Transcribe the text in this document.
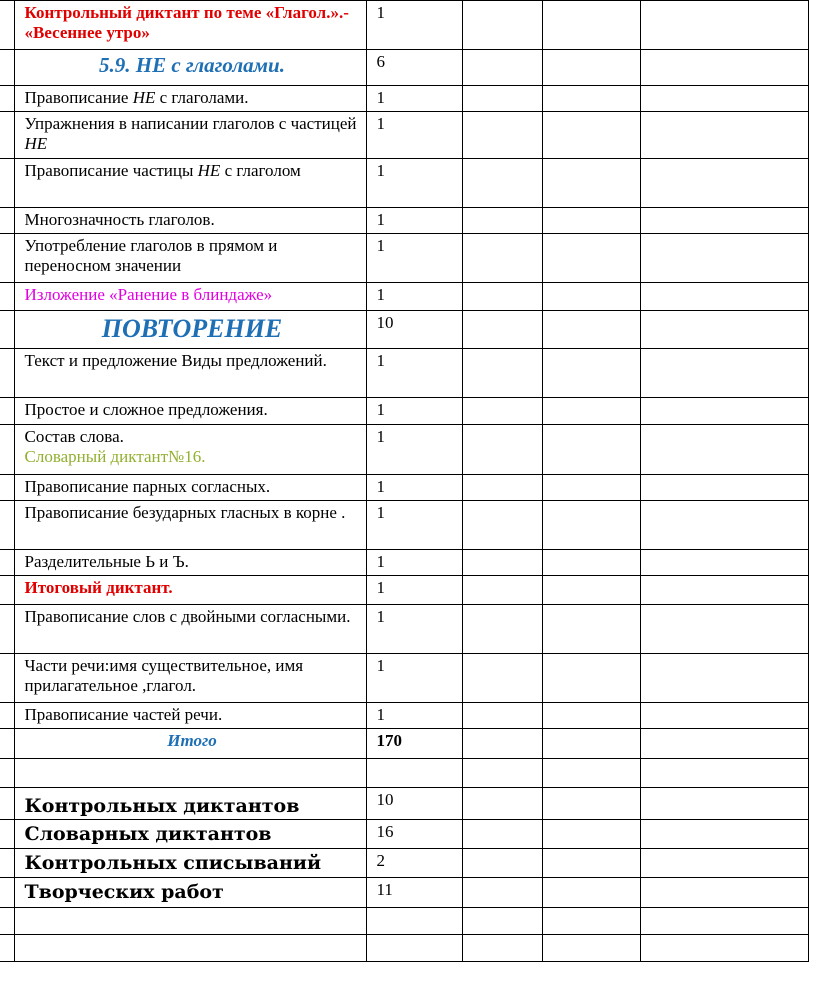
	Контрольный диктант по теме «Глагол.».- «Весеннее утро»	1			

	5.9. НЕ с глаголами.	6			
	Правописание НЕ с глаголами.	1			
	Упражнения в написании глаголов с частицей НЕ	1			
	Правописание частицы НЕ с глаголом	1			
	Многозначность глаголов.	1			
	Употребление глаголов в прямом и переносном значении	1			
	Изложение «Ранение в блиндаже»	1			

	ПОВТОРЕНИЕ	10			
	Текст и предложение Виды предложений.	1			
	Простое и сложное предложения.	1			
	Состав слова.
Словарный диктант№16.	1			
	Правописание парных согласных.	1			
	Правописание безударных гласных в корне .	1			
	Разделительные Ь и Ъ.	1			
	Итоговый диктант.	1			
	Правописание слов с двойными согласными.	1			
	Части речи:имя существительное, имя прилагательное ,глагол.	1			
	Правописание частей речи.	1			

	Итого	170			

	Контрольных диктантов	10			
	Словарных диктантов	16			
	Контрольных списываний	2			
	Творческих работ	11			
